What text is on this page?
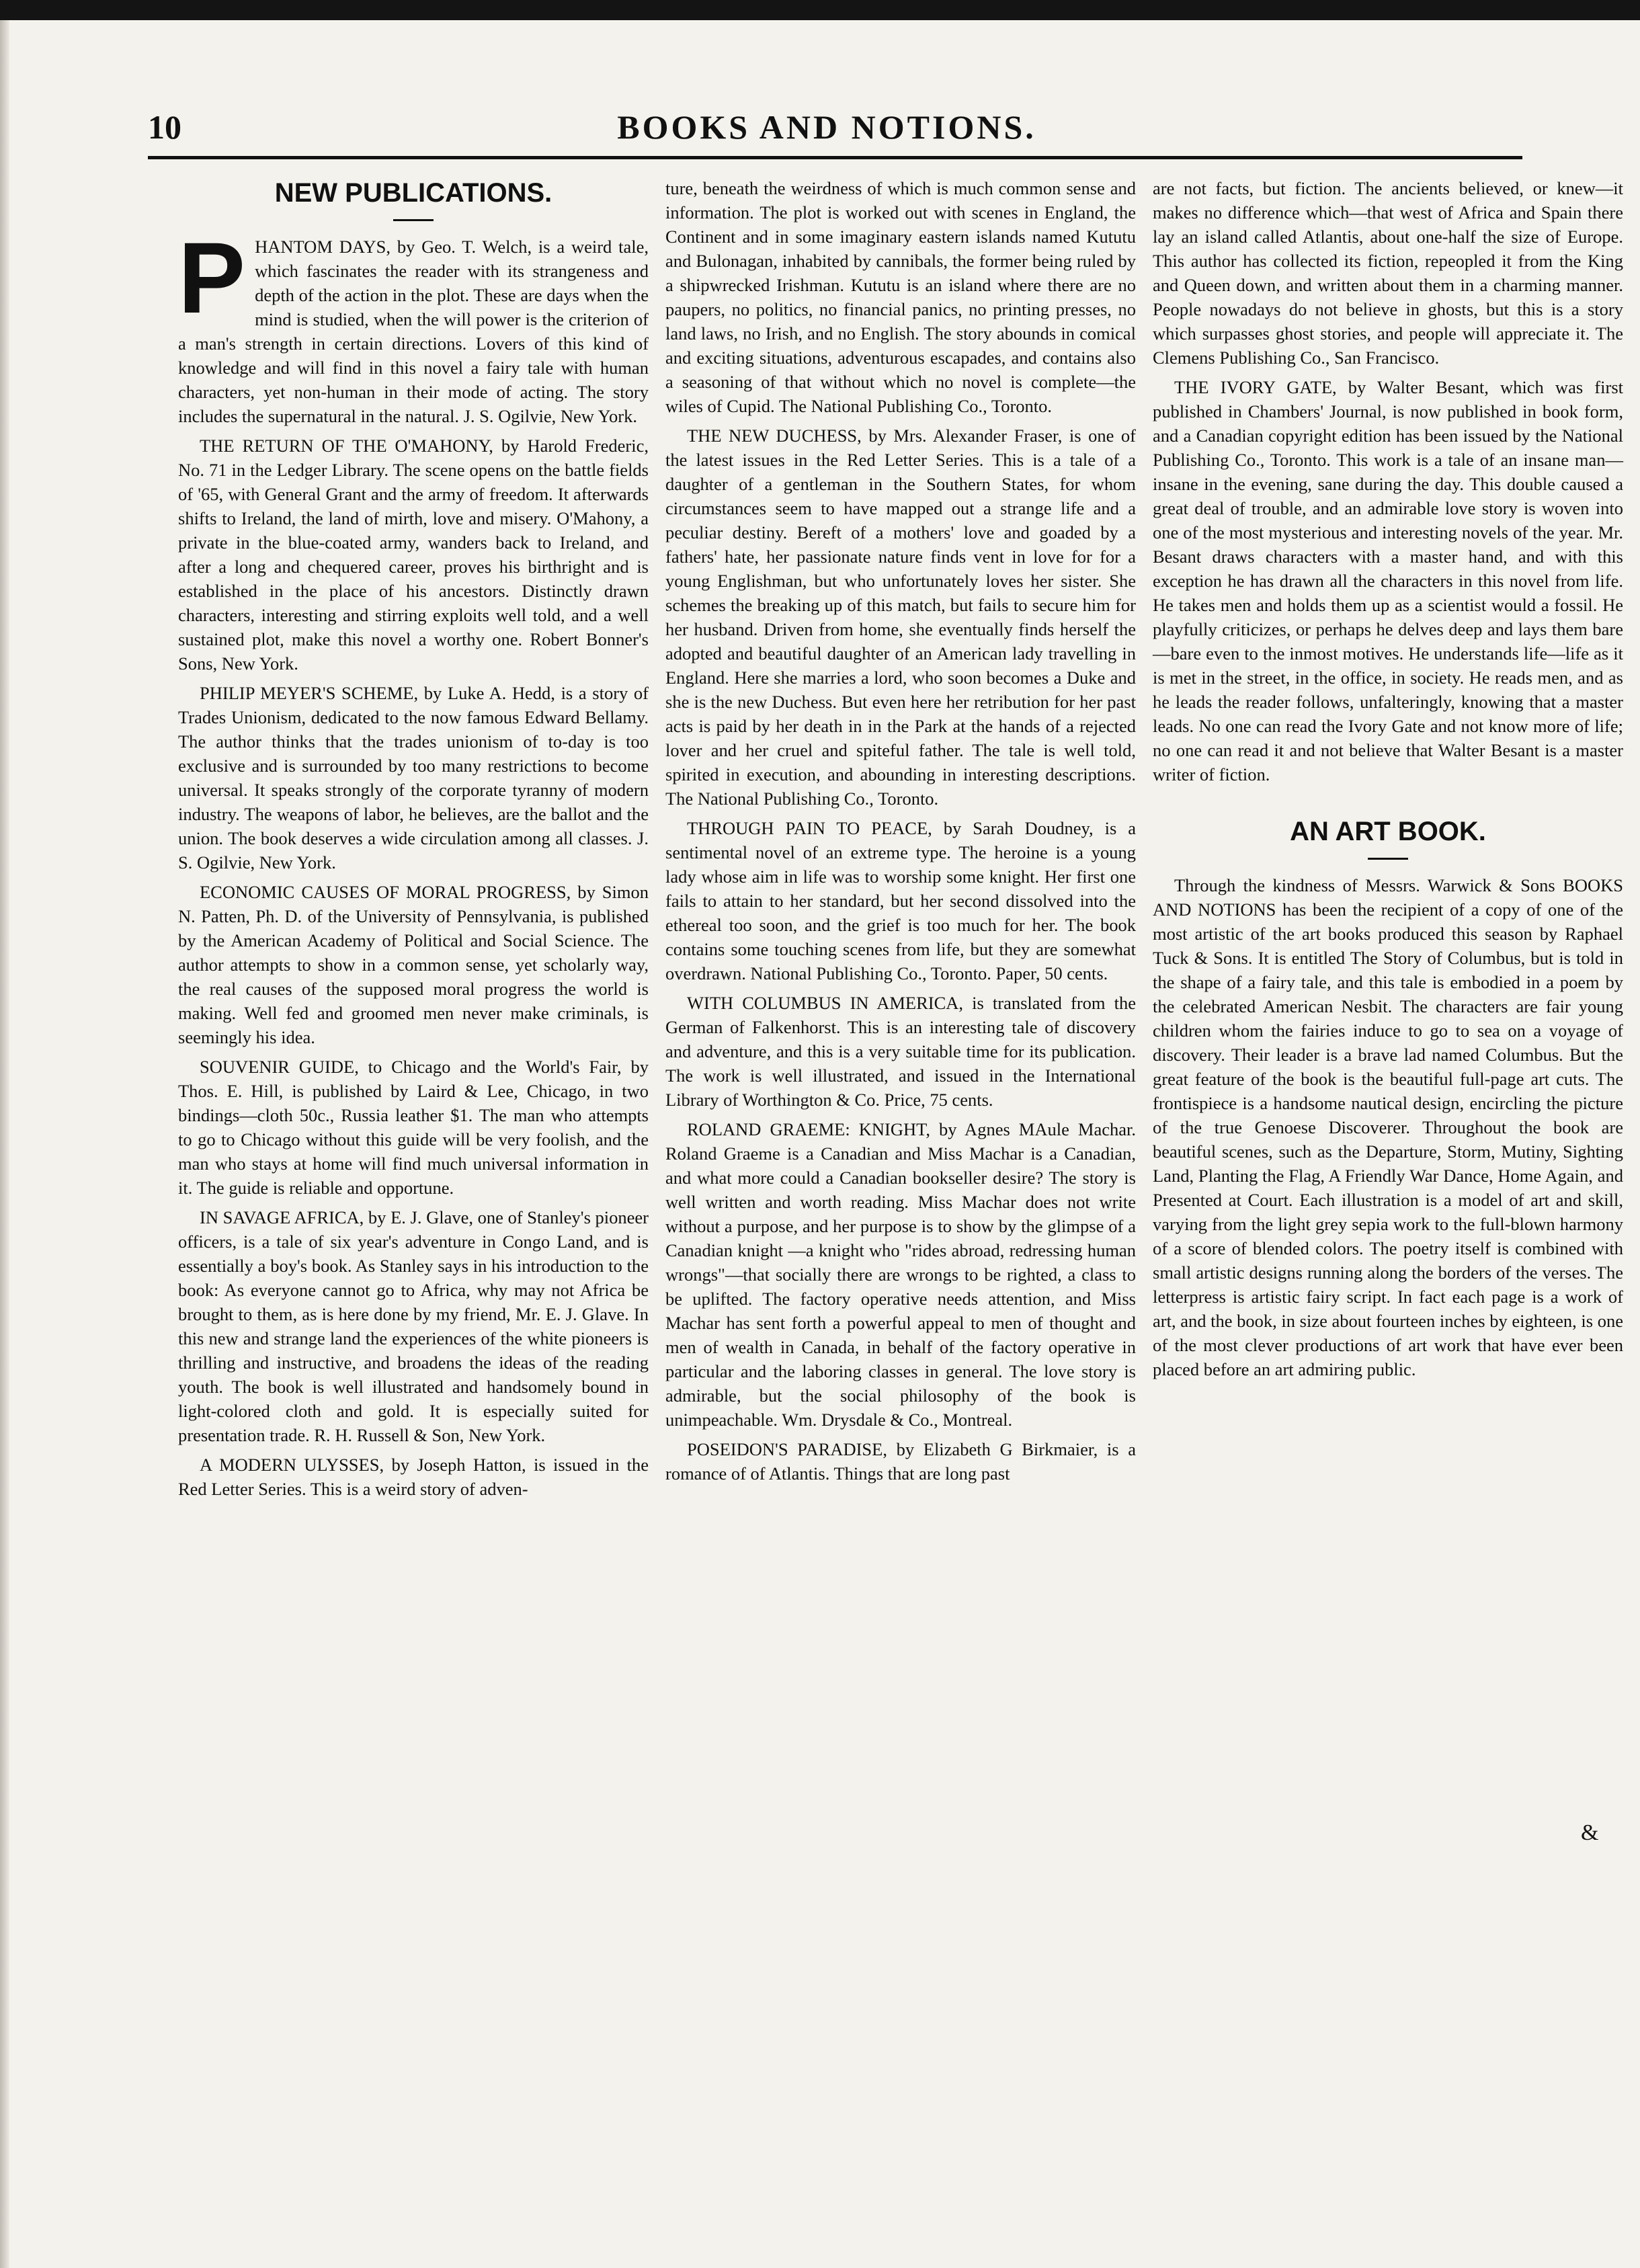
10	BOOKS AND NOTIONS.
NEW PUBLICATIONS.

PHANTOM DAYS, by Geo. T. Welch, is a weird tale, which fascinates the reader with its strangeness and depth of the action in the plot. These are days when the mind is studied, when the will power is the criterion of a man's strength in certain directions. Lovers of this kind of knowledge and will find in this novel a fairy tale with human characters, yet non-human in their mode of acting. The story includes the supernatural in the natural. J. S. Ogilvie, New York.

THE RETURN OF THE O'MAHONY, by Harold Frederic, No. 71 in the Ledger Library. The scene opens on the battle fields of '65, with General Grant and the army of freedom. It afterwards shifts to Ireland, the land of mirth, love and misery. O'Mahony, a private in the blue-coated army, wanders back to Ireland, and after a long and chequered career, proves his birthright and is established in the place of his ancestors. Distinctly drawn characters, interesting and stirring exploits well told, and a well sustained plot, make this novel a worthy one. Robert Bonner's Sons, New York.

PHILIP MEYER'S SCHEME, by Luke A. Hedd, is a story of Trades Unionism, dedicated to the now famous Edward Bellamy. The author thinks that the trades unionism of to-day is too exclusive and is surrounded by too many restrictions to become universal. It speaks strongly of the corporate tyranny of modern industry. The weapons of labor, he believes, are the ballot and the union. The book deserves a wide circulation among all classes. J. S. Ogilvie, New York.

ECONOMIC CAUSES OF MORAL PROGRESS, by Simon N. Patten, Ph. D. of the University of Pennsylvania, is published by the American Academy of Political and Social Science. The author attempts to show in a common sense, yet scholarly way, the real causes of the supposed moral progress the world is making. Well fed and groomed men never make criminals, is seemingly his idea.

SOUVENIR GUIDE, to Chicago and the World's Fair, by Thos. E. Hill, is published by Laird & Lee, Chicago, in two bindings—cloth 50c., Russia leather $1. The man who attempts to go to Chicago without this guide will be very foolish, and the man who stays at home will find much universal information in it. The guide is reliable and opportune.

IN SAVAGE AFRICA, by E. J. Glave, one of Stanley's pioneer officers, is a tale of six year's adventure in Congo Land, and is essentially a boy's book. As Stanley says in his introduction to the book: As everyone cannot go to Africa, why may not Africa be brought to them, as is here done by my friend, Mr. E. J. Glave. In this new and strange land the experiences of the white pioneers is thrilling and instructive, and broadens the ideas of the reading youth. The book is well illustrated and handsomely bound in light-colored cloth and gold. It is especially suited for presentation trade. R. H. Russell & Son, New York.

A MODERN ULYSSES, by Joseph Hatton, is issued in the Red Letter Series. This is a weird story of adven-

ture, beneath the weirdness of which is much common sense and information. The plot is worked out with scenes in England, the Continent and in some imaginary eastern islands named Kututu and Bulonagan, inhabited by cannibals, the former being ruled by a shipwrecked Irishman. Kututu is an island where there are no paupers, no politics, no financial panics, no printing presses, no land laws, no Irish, and no English. The story abounds in comical and exciting situations, adventurous escapades, and contains also a seasoning of that without which no novel is complete—the wiles of Cupid. The National Publishing Co., Toronto.

THE NEW DUCHESS, by Mrs. Alexander Fraser, is one of the latest issues in the Red Letter Series. This is a tale of a daughter of a gentleman in the Southern States, for whom circumstances seem to have mapped out a strange life and a peculiar destiny. Bereft of a mothers' love and goaded by a fathers' hate, her passionate nature finds vent in love for for a young Englishman, but who unfortunately loves her sister. She schemes the breaking up of this match, but fails to secure him for her husband. Driven from home, she eventually finds herself the adopted and beautiful daughter of an American lady travelling in England. Here she marries a lord, who soon becomes a Duke and she is the new Duchess. But even here her retribution for her past acts is paid by her death in in the Park at the hands of a rejected lover and her cruel and spiteful father. The tale is well told, spirited in execution, and abounding in interesting descriptions. The National Publishing Co., Toronto.

THROUGH PAIN TO PEACE, by Sarah Doudney, is a sentimental novel of an extreme type. The heroine is a young lady whose aim in life was to worship some knight. Her first one fails to attain to her standard, but her second dissolved into the ethereal too soon, and the grief is too much for her. The book contains some touching scenes from life, but they are somewhat overdrawn. National Publishing Co., Toronto. Paper, 50 cents.

WITH COLUMBUS IN AMERICA, is translated from the German of Falkenhorst. This is an interesting tale of discovery and adventure, and this is a very suitable time for its publication. The work is well illustrated, and issued in the International Library of Worthington & Co. Price, 75 cents.

ROLAND GRAEME: KNIGHT, by Agnes MAule Machar. Roland Graeme is a Canadian and Miss Machar is a Canadian, and what more could a Canadian bookseller desire? The story is well written and worth reading. Miss Machar does not write without a purpose, and her purpose is to show by the glimpse of a Canadian knight —a knight who "rides abroad, redressing human wrongs"—that socially there are wrongs to be righted, a class to be uplifted. The factory operative needs attention, and Miss Machar has sent forth a powerful appeal to men of thought and men of wealth in Canada, in behalf of the factory operative in particular and the laboring classes in general. The love story is admirable, but the social philosophy of the book is unimpeachable. Wm. Drysdale & Co., Montreal.

POSEIDON'S PARADISE, by Elizabeth G Birkmaier, is a romance of of Atlantis. Things that are long past

are not facts, but fiction. The ancients believed, or knew—it makes no difference which—that west of Africa and Spain there lay an island called Atlantis, about one-half the size of Europe. This author has collected its fiction, repeopled it from the King and Queen down, and written about them in a charming manner. People nowadays do not believe in ghosts, but this is a story which surpasses ghost stories, and people will appreciate it. The Clemens Publishing Co., San Francisco.

THE IVORY GATE, by Walter Besant, which was first published in Chambers' Journal, is now published in book form, and a Canadian copyright edition has been issued by the National Publishing Co., Toronto. This work is a tale of an insane man—insane in the evening, sane during the day. This double caused a great deal of trouble, and an admirable love story is woven into one of the most mysterious and interesting novels of the year. Mr. Besant draws characters with a master hand, and with this exception he has drawn all the characters in this novel from life. He takes men and holds them up as a scientist would a fossil. He playfully criticizes, or perhaps he delves deep and lays them bare—bare even to the inmost motives. He understands life—life as it is met in the street, in the office, in society. He reads men, and as he leads the reader follows, unfalteringly, knowing that a master leads. No one can read the Ivory Gate and not know more of life; no one can read it and not believe that Walter Besant is a master writer of fiction.

AN ART BOOK.

Through the kindness of Messrs. Warwick & Sons BOOKS AND NOTIONS has been the recipient of a copy of one of the most artistic of the art books produced this season by Raphael Tuck & Sons. It is entitled The Story of Columbus, but is told in the shape of a fairy tale, and this tale is embodied in a poem by the celebrated American Nesbit. The characters are fair young children whom the fairies induce to go to sea on a voyage of discovery. Their leader is a brave lad named Columbus. But the great feature of the book is the beautiful full-page art cuts. The frontispiece is a handsome nautical design, encircling the picture of the true Genoese Discoverer. Throughout the book are beautiful scenes, such as the Departure, Storm, Mutiny, Sighting Land, Planting the Flag, A Friendly War Dance, Home Again, and Presented at Court. Each illustration is a model of art and skill, varying from the light grey sepia work to the full-blown harmony of a score of blended colors. The poetry itself is combined with small artistic designs running along the borders of the verses. The letterpress is artistic fairy script. In fact each page is a work of art, and the book, in size about fourteen inches by eighteen, is one of the most clever productions of art work that have ever been placed before an art admiring public.

&
